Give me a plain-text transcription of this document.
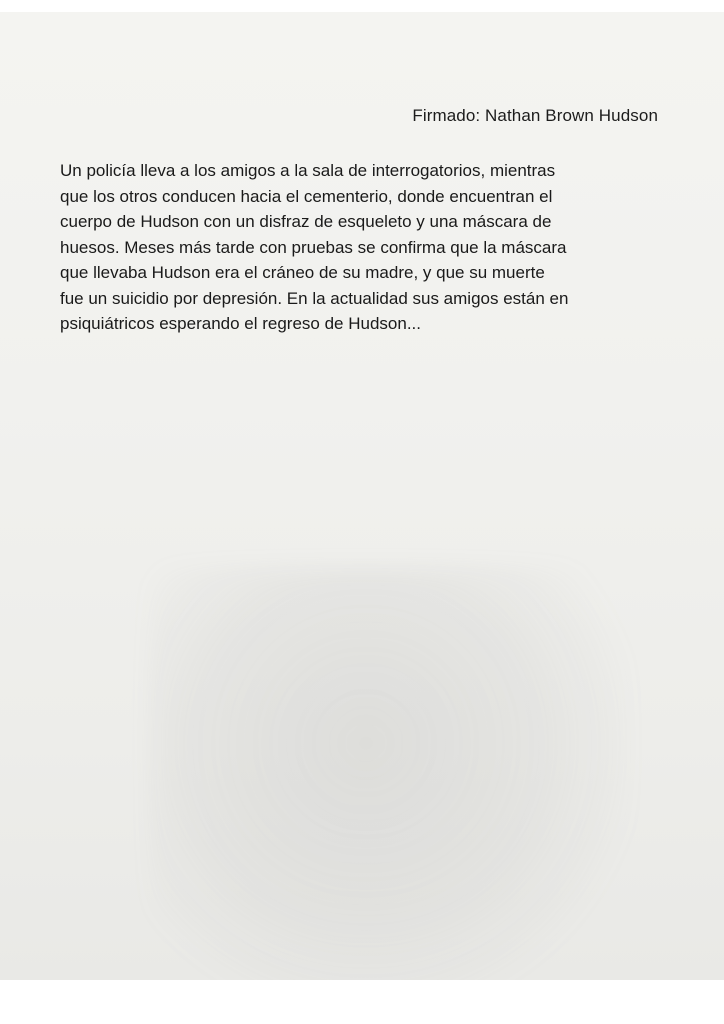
Firmado: Nathan Brown Hudson

Un policía lleva a los amigos a la sala de interrogatorios, mientras
que los otros conducen hacia el cementerio, donde encuentran el
cuerpo de Hudson con un disfraz de esqueleto y una máscara de
huesos. Meses más tarde con pruebas se confirma que la máscara
que llevaba Hudson era el cráneo de su madre, y que su muerte
fue un suicidio por depresión. En la actualidad sus amigos están en
psiquiátricos esperando el regreso de Hudson...
